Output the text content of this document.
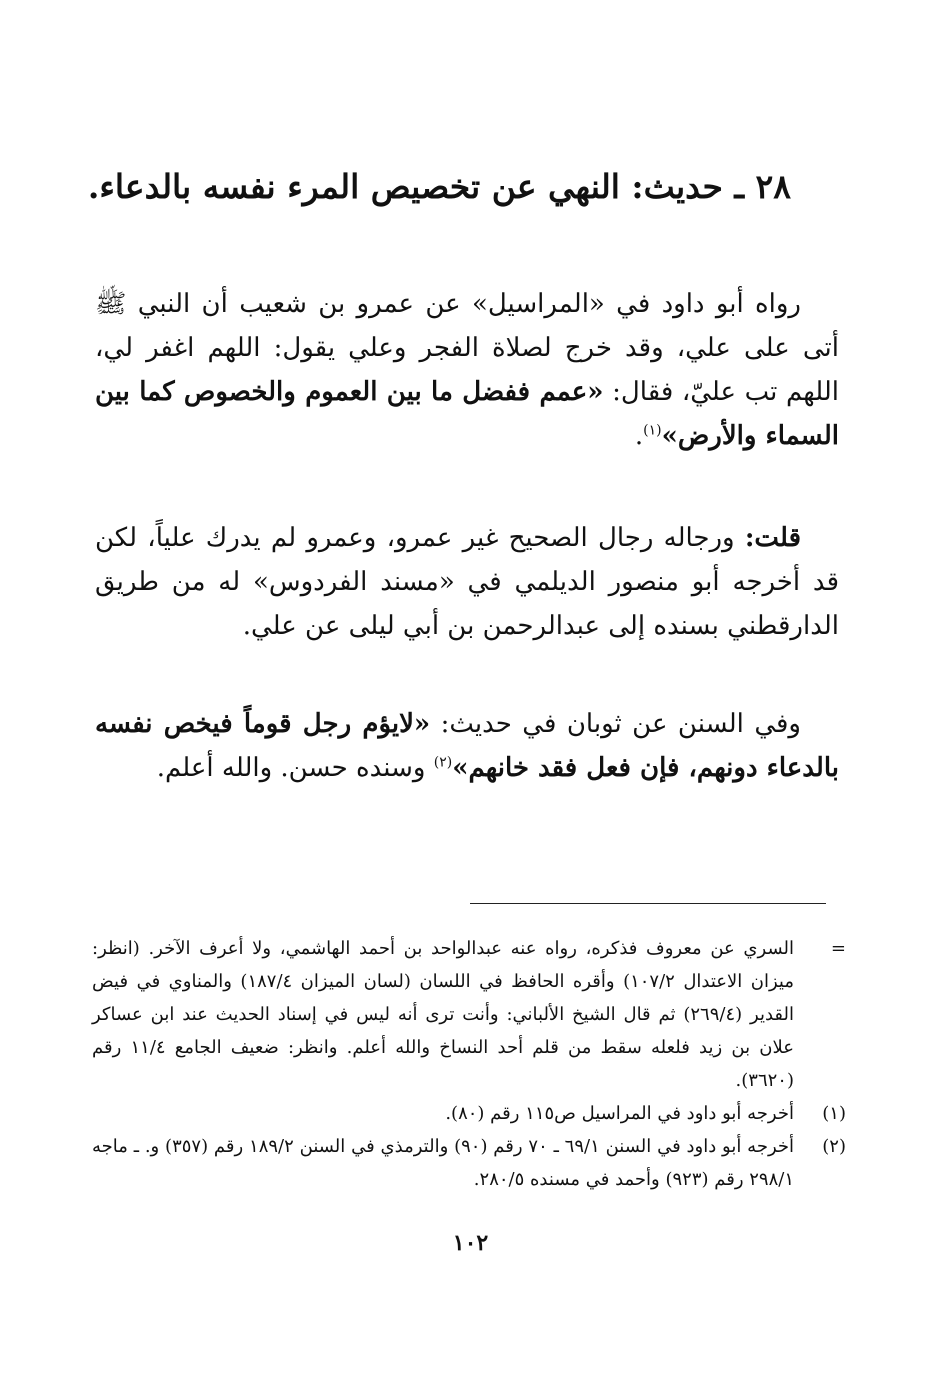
٢٨ ـ حديث: النهي عن تخصيص المرء نفسه بالدعاء.
رواه أبو داود في «المراسيل» عن عمرو بن شعيب أن النبي ﷺ أتى على علي، وقد خرج لصلاة الفجر وعلي يقول: اللهم اغفر لي، اللهم تب عليّ، فقال: «عمم ففضل ما بين العموم والخصوص كما بين السماء والأرض»$^{(١)}$.
قلت: ورجاله رجال الصحيح غير عمرو، وعمرو لم يدرك علياً، لكن قد أخرجه أبو منصور الديلمي في «مسند الفردوس» له من طريق الدارقطني بسنده إلى عبدالرحمن بن أبي ليلى عن علي.
وفي السنن عن ثوبان في حديث: «لايؤم رجل قوماً فيخص نفسه بالدعاء دونهم، فإن فعل فقد خانهم»$^{(٢)}$ وسنده حسن. والله أعلم.
=
السري عن معروف فذكره، رواه عنه عبدالواحد بن أحمد الهاشمي، ولا أعرف الآخر. (انظر: ميزان الاعتدال ١٠٧/٢) وأقره الحافظ في اللسان (لسان الميزان ١٨٧/٤) والمناوي في فيض القدير (٢٦٩/٤) ثم قال الشيخ الألباني: وأنت ترى أنه ليس في إسناد الحديث عند ابن عساكر علان بن زيد فلعله سقط من قلم أحد النساخ والله أعلم. وانظر: ضعيف الجامع ١١/٤ رقم (٣٦٢٠).
(١)
أخرجه أبو داود في المراسيل ص١١٥ رقم (٨٠).
(٢)
أخرجه أبو داود في السنن ٦٩/١ ـ ٧٠ رقم (٩٠) والترمذي في السنن ١٨٩/٢ رقم (٣٥٧) و. ـ ماجه ٢٩٨/١ رقم (٩٢٣) وأحمد في مسنده ٢٨٠/٥.
١٠٢
